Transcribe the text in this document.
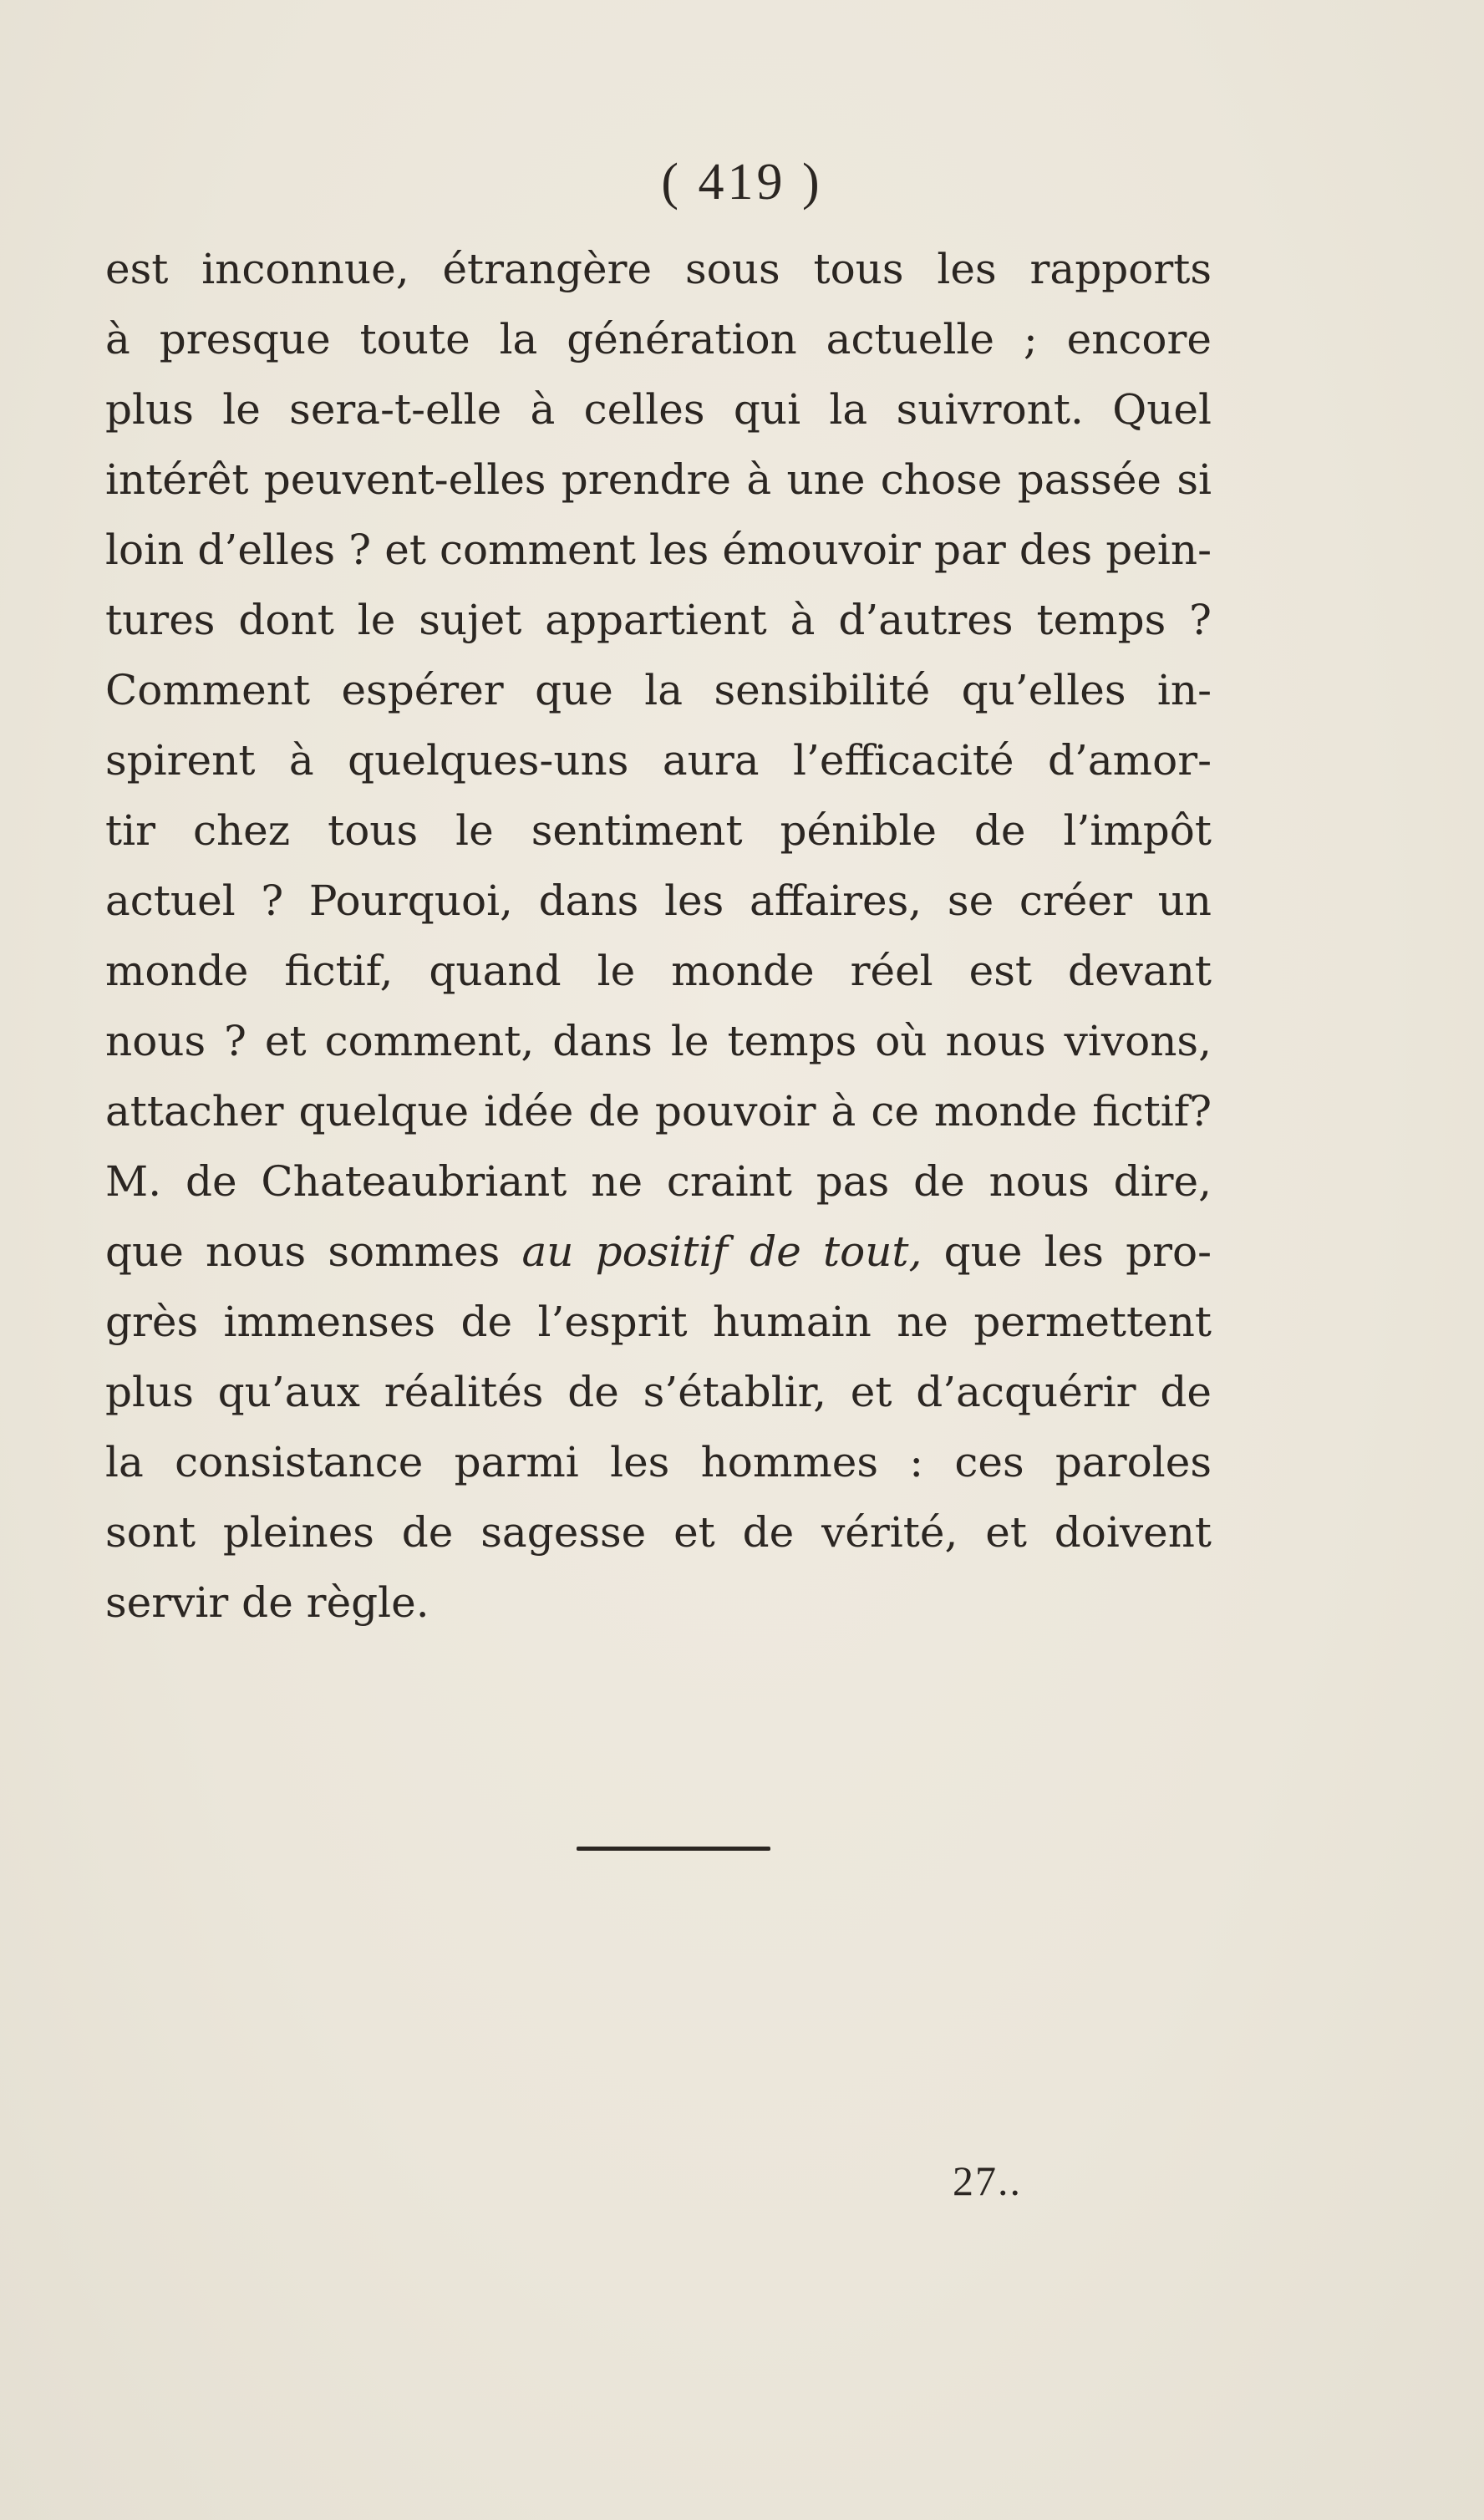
( 419 )
est inconnue, étrangère sous tous les rapports
à presque toute la génération actuelle ; encore
plus le sera-t-elle à celles qui la suivront. Quel
intérêt peuvent-elles prendre à une chose passée si
loin d’elles ? et comment les émouvoir par des pein-
tures dont le sujet appartient à d’autres temps ?
Comment espérer que la sensibilité qu’elles in-
spirent à quelques-uns aura l’efficacité d’amor-
tir chez tous le sentiment pénible de l’impôt
actuel ? Pourquoi, dans les affaires, se créer un
monde fictif, quand le monde réel est devant
nous ? et comment, dans le temps où nous vivons,
attacher quelque idée de pouvoir à ce monde fictif?
M. de Chateaubriant ne craint pas de nous dire,
que nous sommes au positif de tout, que les pro-
grès immenses de l’esprit humain ne permettent
plus qu’aux réalités de s’établir, et d’acquérir de
la consistance parmi les hommes : ces paroles
sont pleines de sagesse et de vérité, et doivent
servir de règle.
27..
